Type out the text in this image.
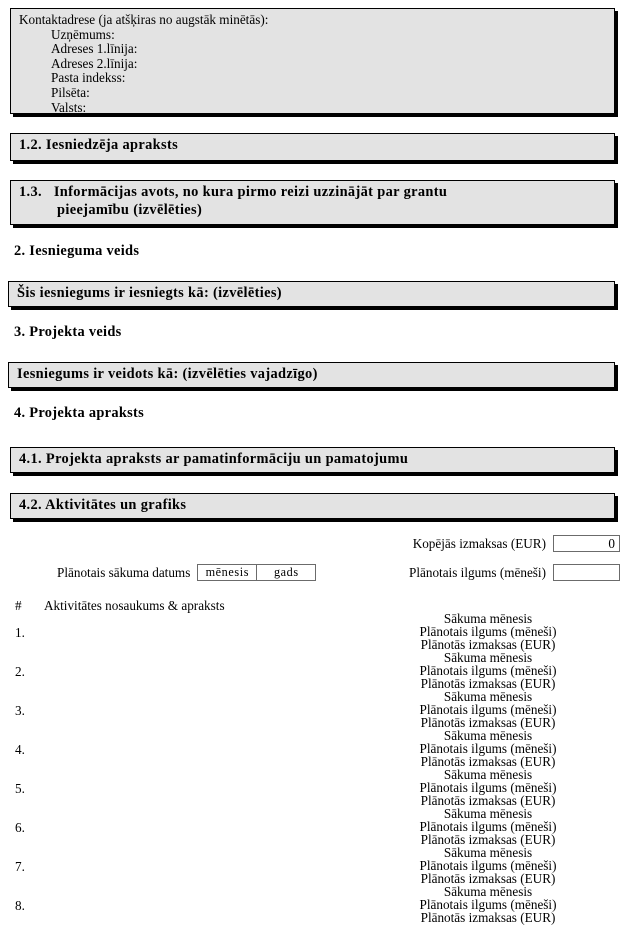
Kontaktadrese (ja atšķiras no augstāk minētās):
Uzņēmums:
Adreses 1.līnija:
Adreses 2.līnija:
Pasta indekss:
Pilsēta:
Valsts:
1.2. Iesniedzēja apraksts
1.3. Informācijas avots, no kura pirmo reizi uzzinājāt par grantu
pieejamību (izvēlēties)
2. Iesnieguma veids
Šis iesniegums ir iesniegts kā: (izvēlēties)
3. Projekta veids
Iesniegums ir veidots kā: (izvēlēties vajadzīgo)
4. Projekta apraksts
4.1. Projekta apraksts ar pamatinformāciju un pamatojumu
4.2. Aktivitātes un grafiks
Kopējās izmaksas (EUR)	0
Plānotais ilgums (mēneši)
Plānotais sākuma datums	mēnesis	gads
# Aktivitātes nosaukums & apraksts
1.
Sākuma mēnesis
Plānotais ilgums (mēneši)
Plānotās izmaksas (EUR)
2.
Sākuma mēnesis
Plānotais ilgums (mēneši)
Plānotās izmaksas (EUR)
3.
Sākuma mēnesis
Plānotais ilgums (mēneši)
Plānotās izmaksas (EUR)
4.
Sākuma mēnesis
Plānotais ilgums (mēneši)
Plānotās izmaksas (EUR)
5.
Sākuma mēnesis
Plānotais ilgums (mēneši)
Plānotās izmaksas (EUR)
6.
Sākuma mēnesis
Plānotais ilgums (mēneši)
Plānotās izmaksas (EUR)
7.
Sākuma mēnesis
Plānotais ilgums (mēneši)
Plānotās izmaksas (EUR)
8.
Sākuma mēnesis
Plānotais ilgums (mēneši)
Plānotās izmaksas (EUR)
